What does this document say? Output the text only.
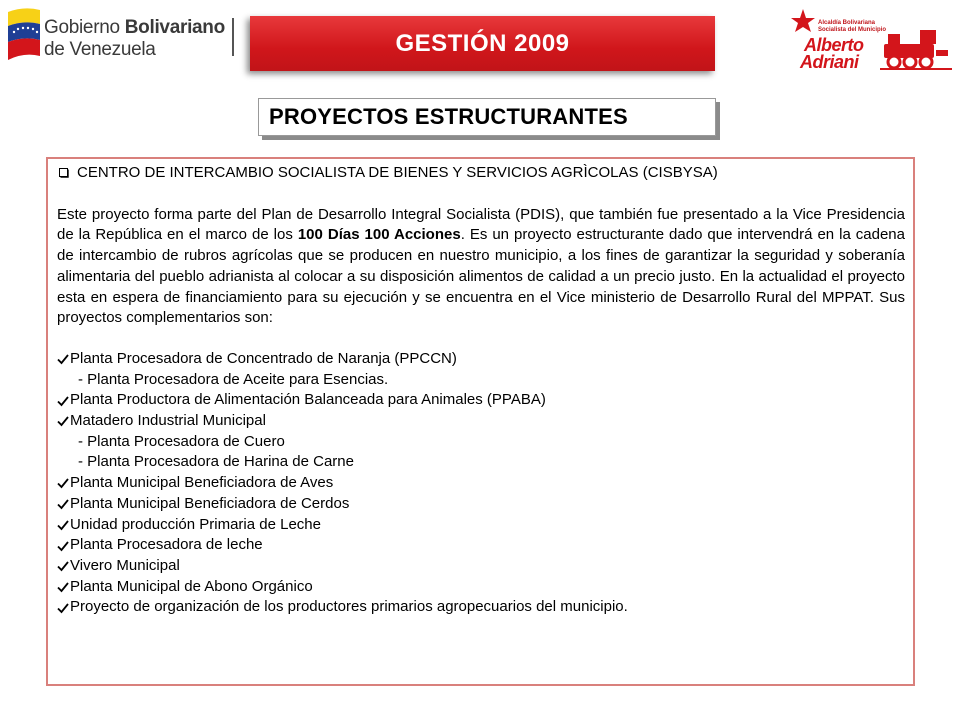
Gobierno Bolivariano
de Venezuela	GESTIÓN 2009
Alcaldía Bolivariana
Socialista del Municipio
Alberto
Adriani
PROYECTOS ESTRUCTURANTES

CENTRO DE INTERCAMBIO SOCIALISTA DE BIENES Y SERVICIOS AGRÌCOLAS (CISBYSA)

Este proyecto forma parte del Plan de Desarrollo Integral Socialista (PDIS), que también fue presentado a la Vice Presidencia de la República en el marco de los 100 Días 100 Acciones. Es un proyecto estructurante dado que intervendrá en la cadena de intercambio de rubros agrícolas que se producen en nuestro municipio, a los fines de garantizar la seguridad y soberanía alimentaria del pueblo adrianista al colocar a su disposición alimentos de calidad a un precio justo. En la actualidad el proyecto esta en espera de financiamiento para su ejecución y se encuentra en el Vice ministerio de Desarrollo Rural del MPPAT. Sus proyectos complementarios son:

Planta Procesadora de Concentrado de Naranja (PPCCN)
- Planta Procesadora de Aceite para Esencias.
Planta Productora de Alimentación Balanceada para Animales (PPABA)
Matadero Industrial Municipal
- Planta Procesadora de Cuero
- Planta Procesadora de Harina de Carne
Planta Municipal Beneficiadora de Aves
Planta Municipal Beneficiadora de Cerdos
Unidad producción Primaria de Leche
Planta Procesadora de leche
Vivero Municipal
Planta Municipal de Abono Orgánico
Proyecto de organización de los productores primarios agropecuarios del municipio.
